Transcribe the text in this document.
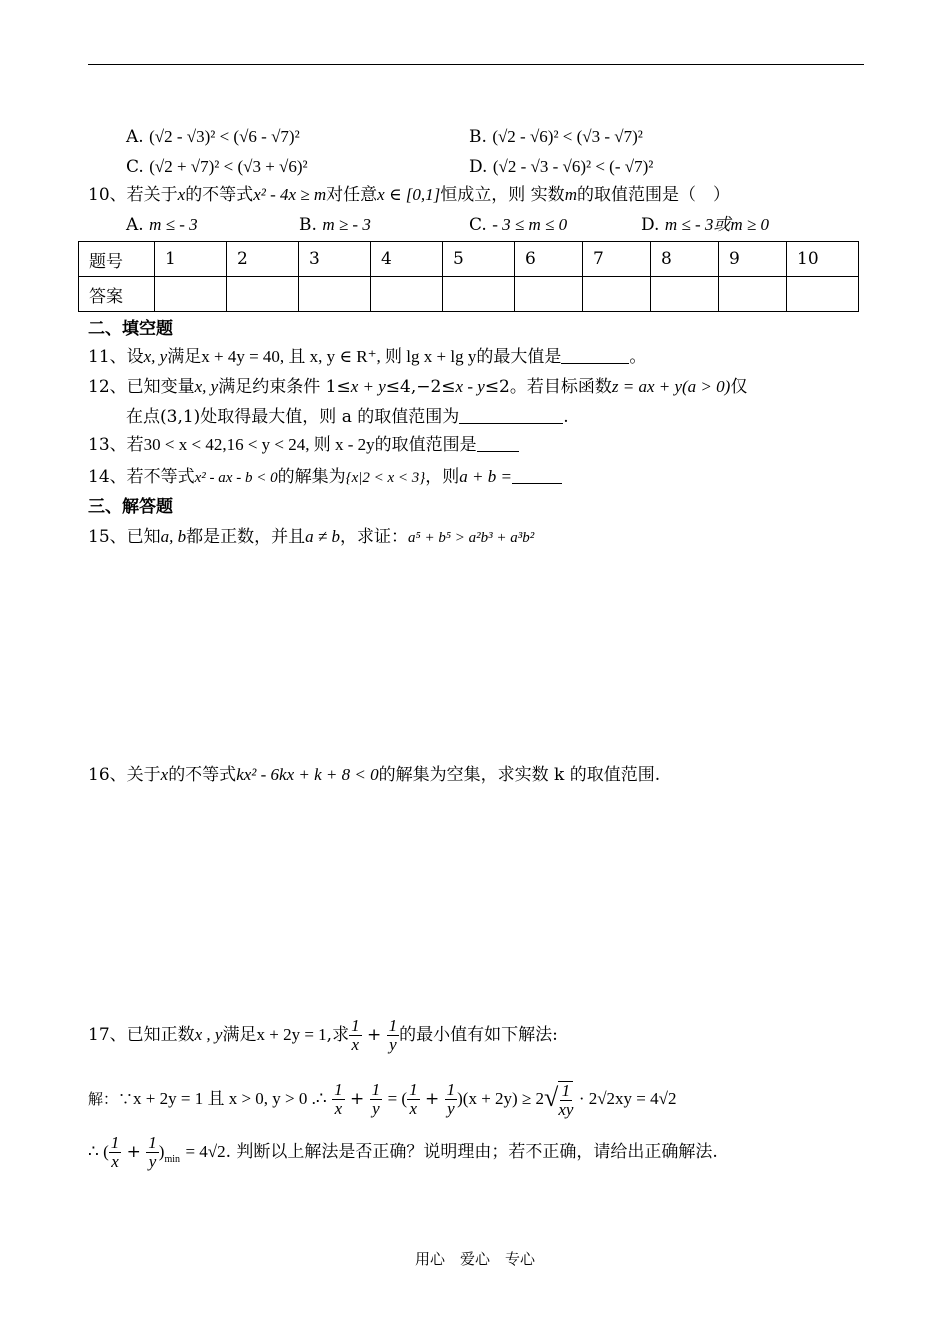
A. (√2 - √3)² < (√6 - √7)²	B. (√2 - √6)² < (√3 - √7)²
C. (√2 + √7)² < (√3 + √6)²	D. (√2 - √3 - √6)² < (- √7)²
10、若关于x的不等式x² - 4x ≥ m对任意x ∈ [0,1]恒成立，则 实数m的取值范围是（　）
A. m ≤ - 3	B. m ≥ - 3	C. - 3 ≤ m ≤ 0	D. m ≤ - 3或m ≥ 0
题号	1	2	3	4	5	6	7	8	9	10
答案										
二、填空题
11、设x, y满足x + 4y = 40, 且 x, y ∈ R⁺, 则 lg x + lg y的最大值是	。
12、已知变量x, y满足约束条件 1≤x + y≤4,−2≤x - y≤2。若目标函数z = ax + y(a > 0)仅
在点(3,1)处取得最大值，则 a 的取值范围为	.
13、若30 < x < 42,16 < y < 24, 则 x - 2y的取值范围是
14、若不等式x² - ax - b < 0的解集为{x|2 < x < 3}，则a + b =
三、解答题
15、已知a, b都是正数，并且a ≠ b，求证：a⁵ + b⁵ > a²b³ + a³b²
16、关于x的不等式kx² - 6kx + k + 8 < 0的解集为空集，求实数 k 的取值范围.
17、已知正数x , y满足x + 2y = 1,求 $\frac{1}{x} + \frac{1}{y}$ 的最小值有如下解法:
解：∵x + 2y = 1 且 x > 0, y > 0 .∴ $\frac{1}{x} + \frac{1}{y}$ = ( $\frac{1}{x} + \frac{1}{y} )(x + 2y) \ge 2√ \frac{1}{xy} \cdot 2√2xy = 4√2$
∴ ( $\frac{1}{x} + \frac{1}{y} )_{min} = 4√2$. 判断以上解法是否正确？说明理由；若不正确，请给出正确解法.
用心　爱心　专心
